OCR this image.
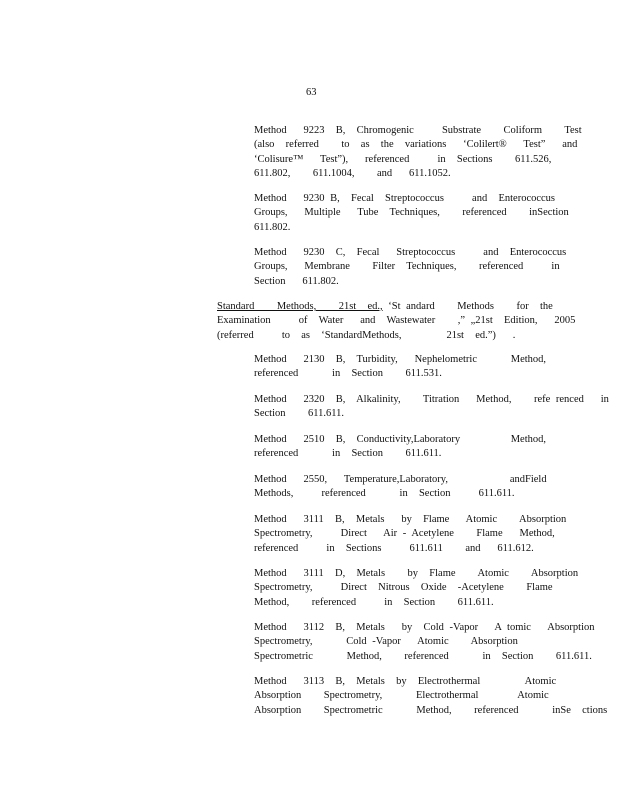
63
Method   9223  B,  Chromogenic     Substrate    Coliform    Test
(also  referred    to  as  the  variations   ‘Colilert®   Test”   and
‘Colisure™   Test”),   referenced     in  Sections    611.526,
611.802,    611.1004,    and   611.1052.
Method   9230 B,  Fecal  Streptococcus     and  Enterococcus
Groups,   Multiple   Tube  Techniques,    referenced    inSection
611.802.
Method   9230  C,  Fecal   Streptococcus     and  Enterococcus
Groups,   Membrane    Filter  Techniques,    referenced     in
Section   611.802.
Standard    Methods,    21st  ed., ‘St andard    Methods    for  the
Examination     of  Water   and  Wastewater    ,” „21st  Edition,   2005
(referred     to  as  ‘StandardMethods,        21st  ed.”)   .
Method   2130  B,  Turbidity,   Nephelometric      Method,
referenced      in  Section    611.531.
Method   2320  B,  Alkalinity,    Titration   Method,    refe renced   in
Section    611.611.
Method   2510  B,  Conductivity,Laboratory         Method,
referenced      in  Section    611.611.
Method   2550,   Temperature,Laboratory,           andField
Methods,     referenced      in  Section     611.611.
Method   3111  B,  Metals   by  Flame   Atomic    Absorption
Spectrometry,     Direct   Air - Acetylene    Flame   Method,
referenced     in  Sections     611.611    and   611.612.
Method   3111  D,  Metals    by  Flame    Atomic    Absorption
Spectrometry,     Direct  Nitrous  Oxide  -Acetylene    Flame
Method,    referenced     in  Section    611.611.
Method   3112  B,  Metals   by  Cold -Vapor   A tomic   Absorption
Spectrometry,      Cold -Vapor   Atomic    Absorption
Spectrometric      Method,    referenced      in  Section    611.611.
Method   3113  B,  Metals  by  Electrothermal        Atomic
Absorption    Spectrometry,      Electrothermal       Atomic
Absorption    Spectrometric      Method,    referenced      inSe  ctions
